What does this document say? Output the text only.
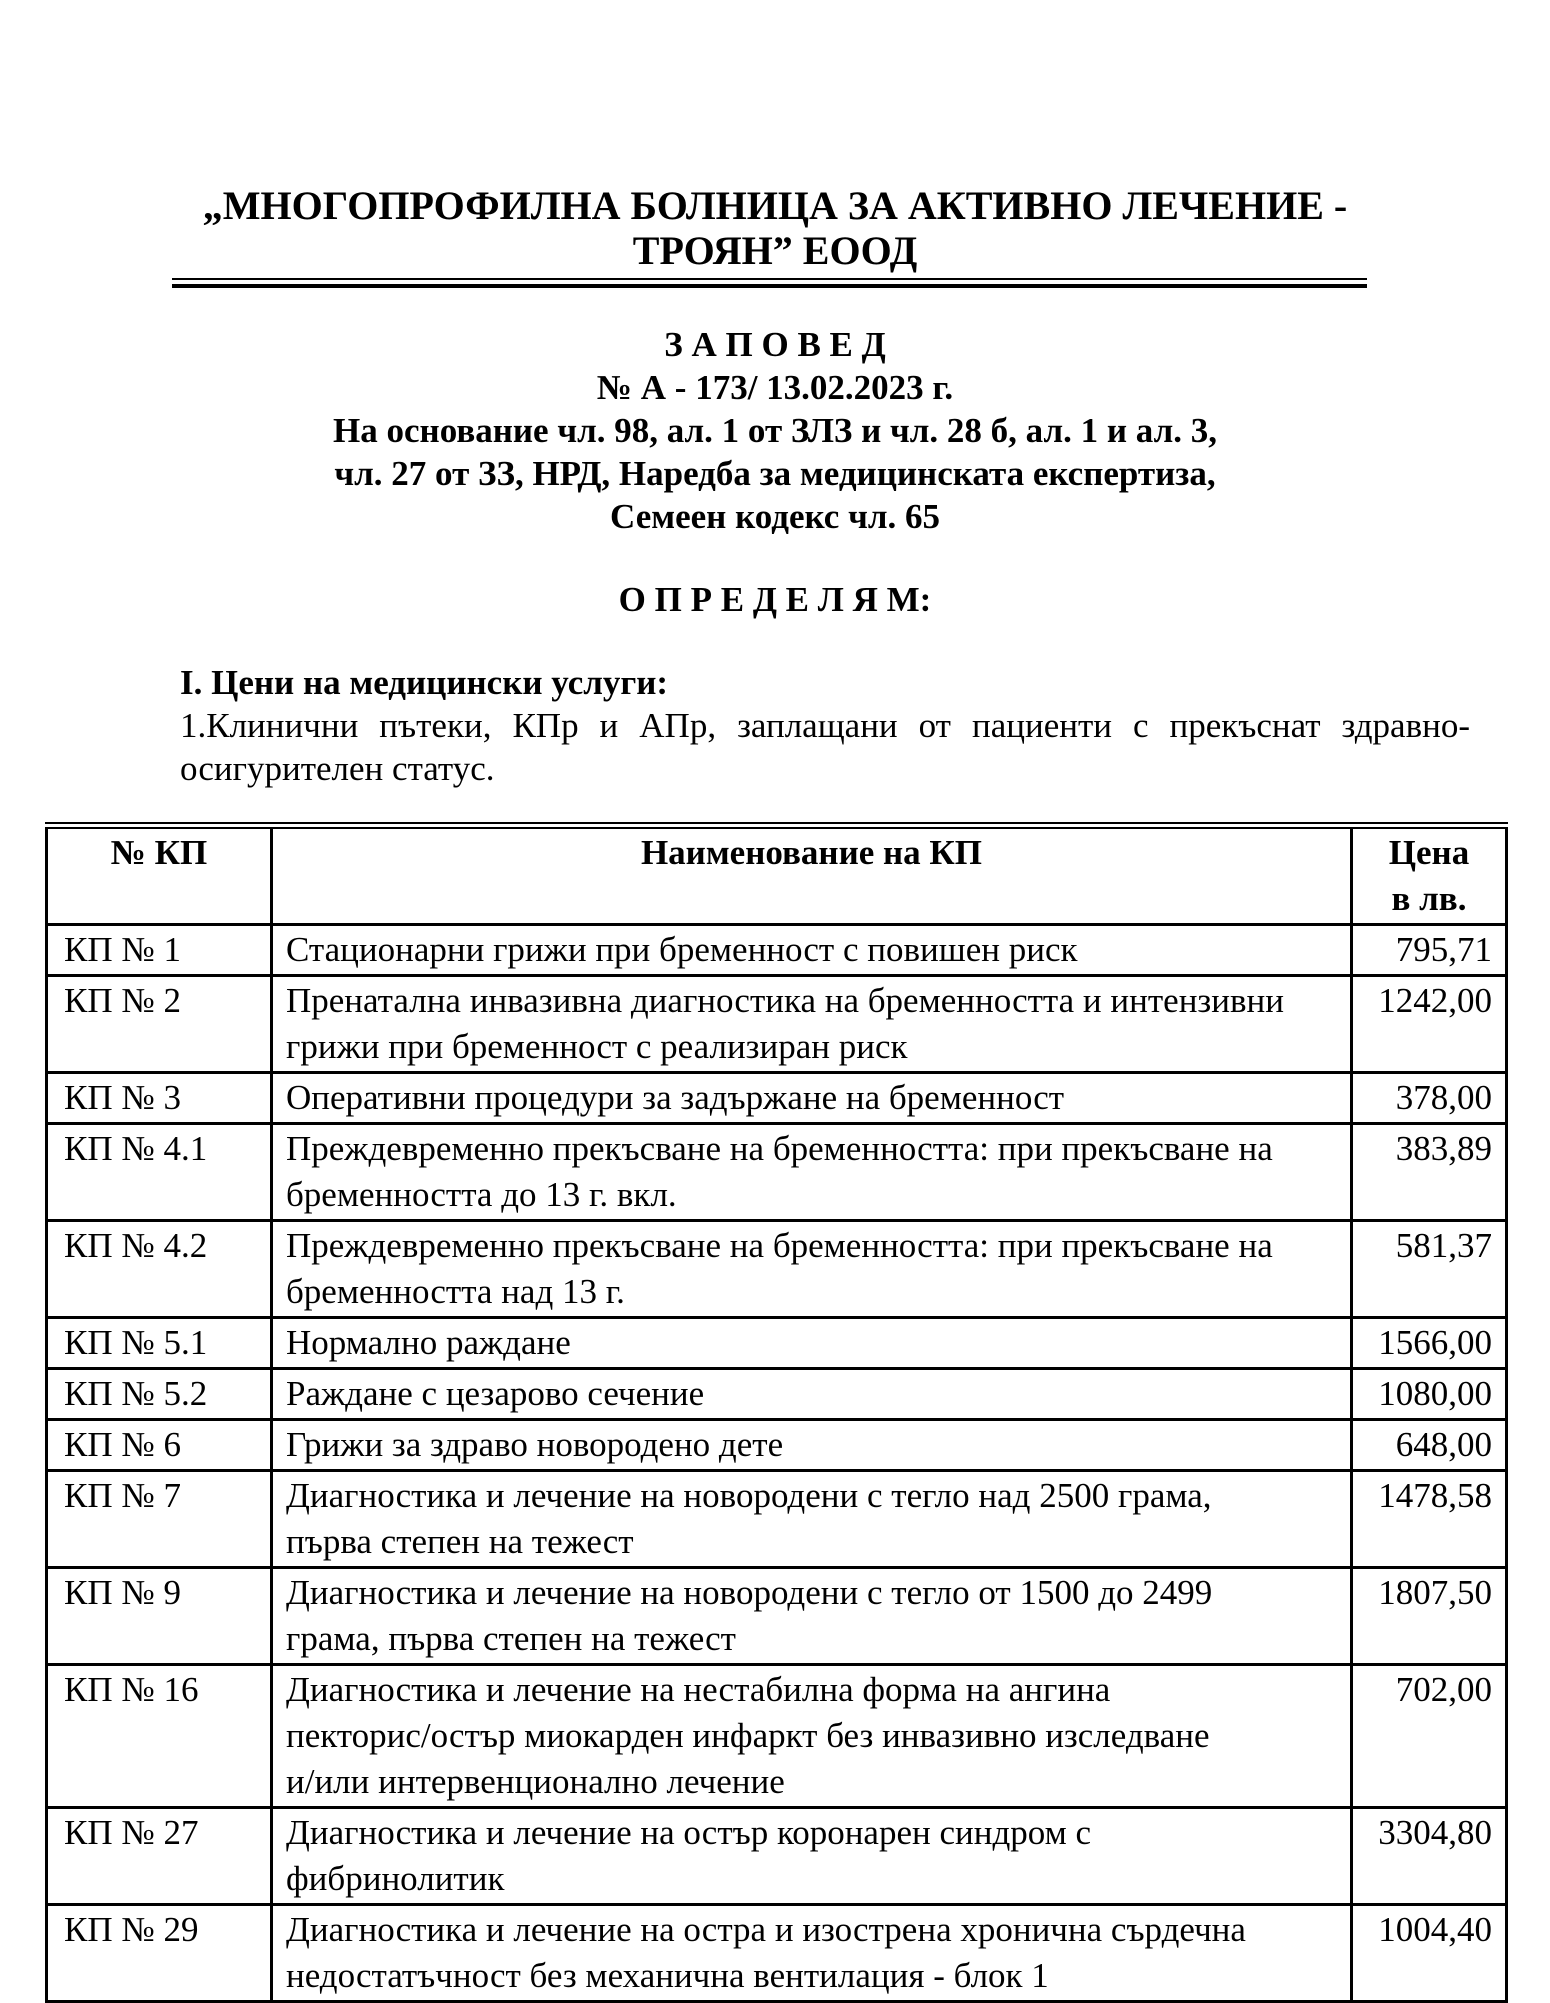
„МНОГОПРОФИЛНА БОЛНИЦА ЗА АКТИВНО ЛЕЧЕНИЕ -
ТРОЯН” ЕООД
З А П О В Е Д
№ А - 173/ 13.02.2023 г.
На основание чл. 98, ал. 1 от ЗЛЗ и чл. 28 б, ал. 1 и ал. 3,
чл. 27 от ЗЗ, НРД, Наредба за медицинската експертиза,
Семеен кодекс чл. 65
О П Р Е Д Е Л Я М:
I. Цени на медицински услуги:
1.Клинични пътеки, КПр и АПр, заплащани от пациенти с прекъснат здравно-осигурителен статус.
№ КП	Наименование на КП	Цена
в лв.

КП № 1	Стационарни грижи при бременност с повишен риск	795,71
КП № 2	Пренатална инвазивна диагностика на бременността и интензивни
грижи при бременност с реализиран риск	1242,00
КП № 3	Оперативни процедури за задържане на бременност	378,00
КП № 4.1	Преждевременно прекъсване на бременността: при прекъсване на
бременността до 13 г. вкл.	383,89
КП № 4.2	Преждевременно прекъсване на бременността: при прекъсване на
бременността над 13 г.	581,37
КП № 5.1	Нормално раждане	1566,00
КП № 5.2	Раждане с цезарово сечение	1080,00
КП № 6	Грижи за здраво новородено дете	648,00
КП № 7	Диагностика и лечение на новородени с тегло над 2500 грама,
първа степен на тежест	1478,58
КП № 9	Диагностика и лечение на новородени с тегло от 1500 до 2499
грама, първа степен на тежест	1807,50
КП № 16	Диагностика и лечение на нестабилна форма на ангина
пекторис/остър миокарден инфаркт без инвазивно изследване
и/или интервенционално лечение	702,00
КП № 27	Диагностика и лечение на остър коронарен синдром с
фибринолитик	3304,80
КП № 29	Диагностика и лечение на остра и изострена хронична сърдечна
недостатъчност без механична вентилация - блок 1	1004,40
